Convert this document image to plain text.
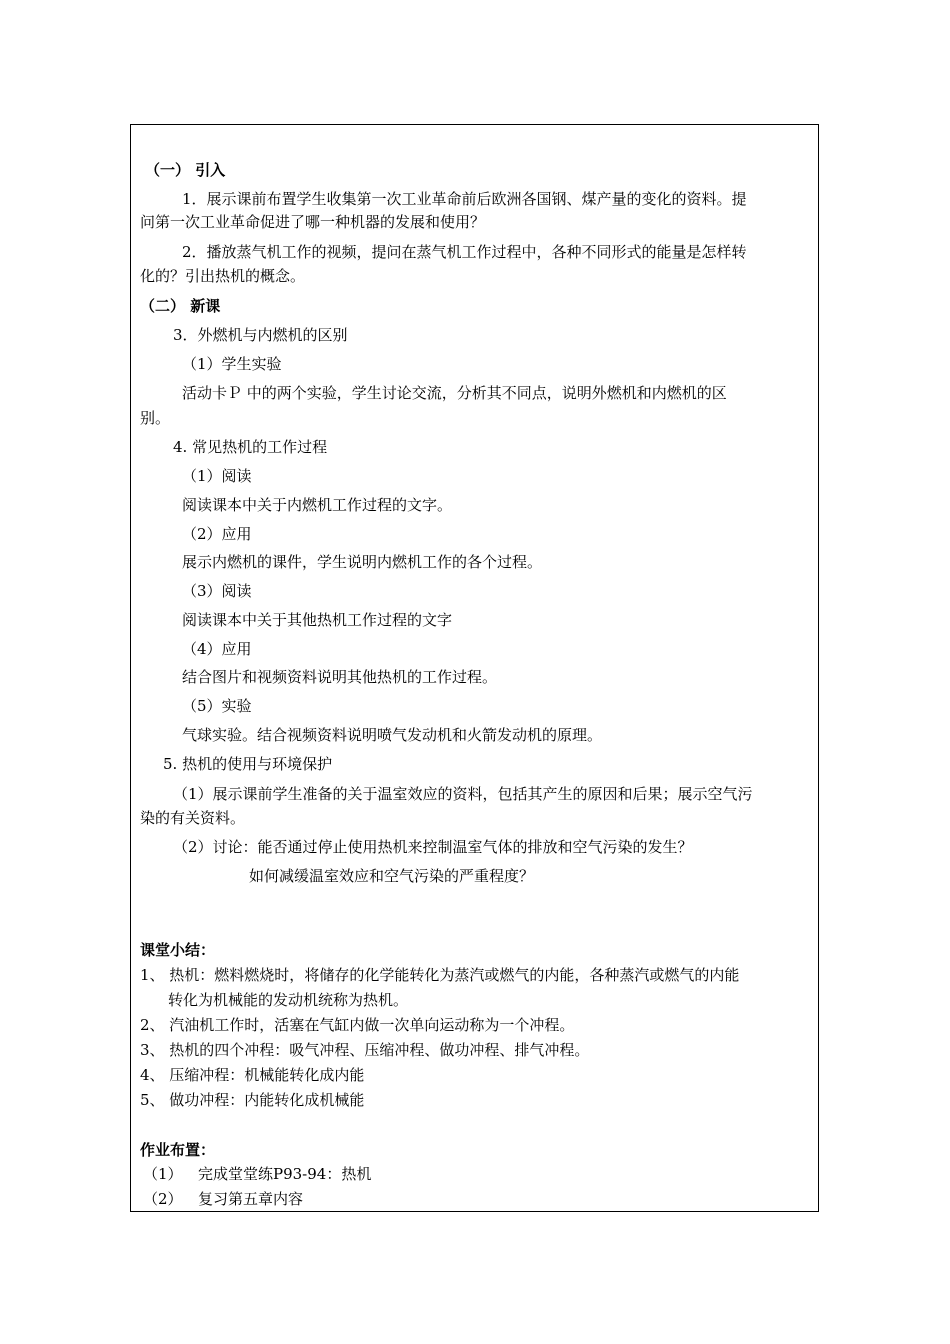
（一） 引入
1．展示课前布置学生收集第一次工业革命前后欧洲各国钢、煤产量的变化的资料。提
问第一次工业革命促进了哪一种机器的发展和使用？
2．播放蒸气机工作的视频，提问在蒸气机工作过程中，各种不同形式的能量是怎样转
化的？引出热机的概念。
（二） 新课
3．外燃机与内燃机的区别
（1）学生实验
活动卡Ｐ 中的两个实验，学生讨论交流，分析其不同点，说明外燃机和内燃机的区
别。
4. 常见热机的工作过程
（1）阅读
阅读课本中关于内燃机工作过程的文字。
（2）应用
展示内燃机的课件，学生说明内燃机工作的各个过程。
（3）阅读
阅读课本中关于其他热机工作过程的文字
（4）应用
结合图片和视频资料说明其他热机的工作过程。
（5）实验
气球实验。结合视频资料说明喷气发动机和火箭发动机的原理。
5. 热机的使用与环境保护
（1）展示课前学生准备的关于温室效应的资料，包括其产生的原因和后果；展示空气污
染的有关资料。
（2）讨论：能否通过停止使用热机来控制温室气体的排放和空气污染的发生？
如何减缓温室效应和空气污染的严重程度？
课堂小结：
1、 热机：燃料燃烧时，将储存的化学能转化为蒸汽或燃气的内能，各种蒸汽或燃气的内能
转化为机械能的发动机统称为热机。
2、 汽油机工作时，活塞在气缸内做一次单向运动称为一个冲程。
3、 热机的四个冲程：吸气冲程、压缩冲程、做功冲程、排气冲程。
4、 压缩冲程：机械能转化成内能
5、 做功冲程：内能转化成机械能
作业布置：
（1） 完成堂堂练P93-94：热机
（2） 复习第五章内容
